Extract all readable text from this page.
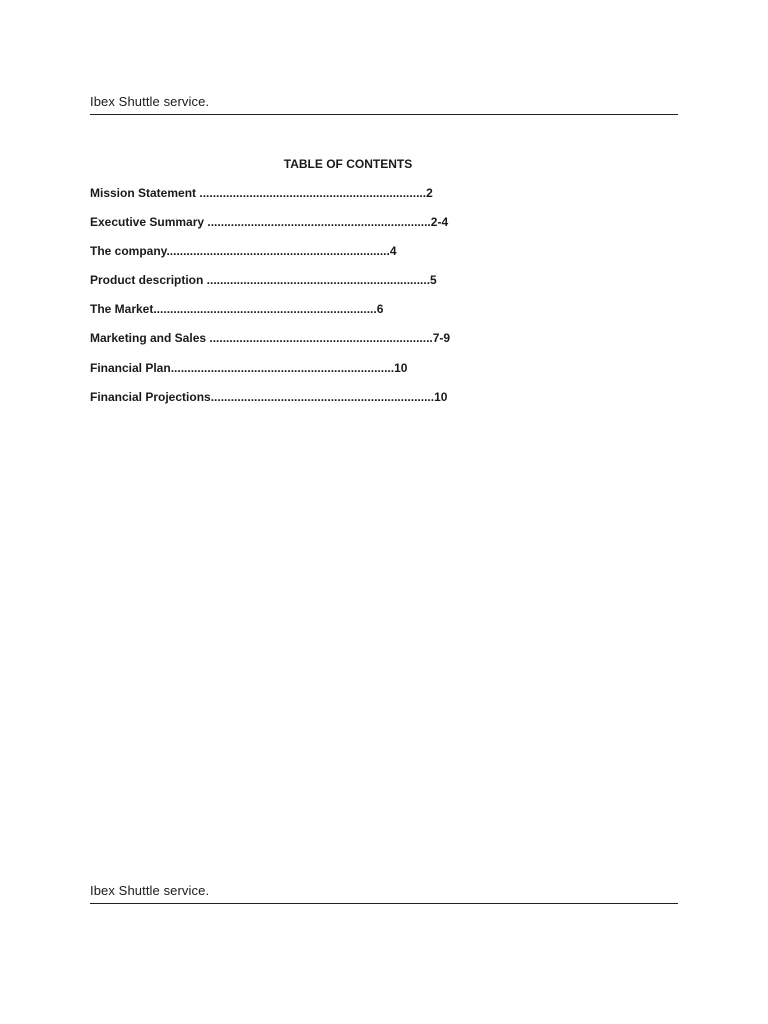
Ibex Shuttle service.
TABLE OF CONTENTS
Mission Statement ....................................................................2
Executive Summary ...................................................................2-4
The company...................................................................4
Product description ...................................................................5
The Market...................................................................6
Marketing and Sales ...................................................................7-9
Financial Plan...................................................................10
Financial Projections...................................................................10
Ibex Shuttle service.
